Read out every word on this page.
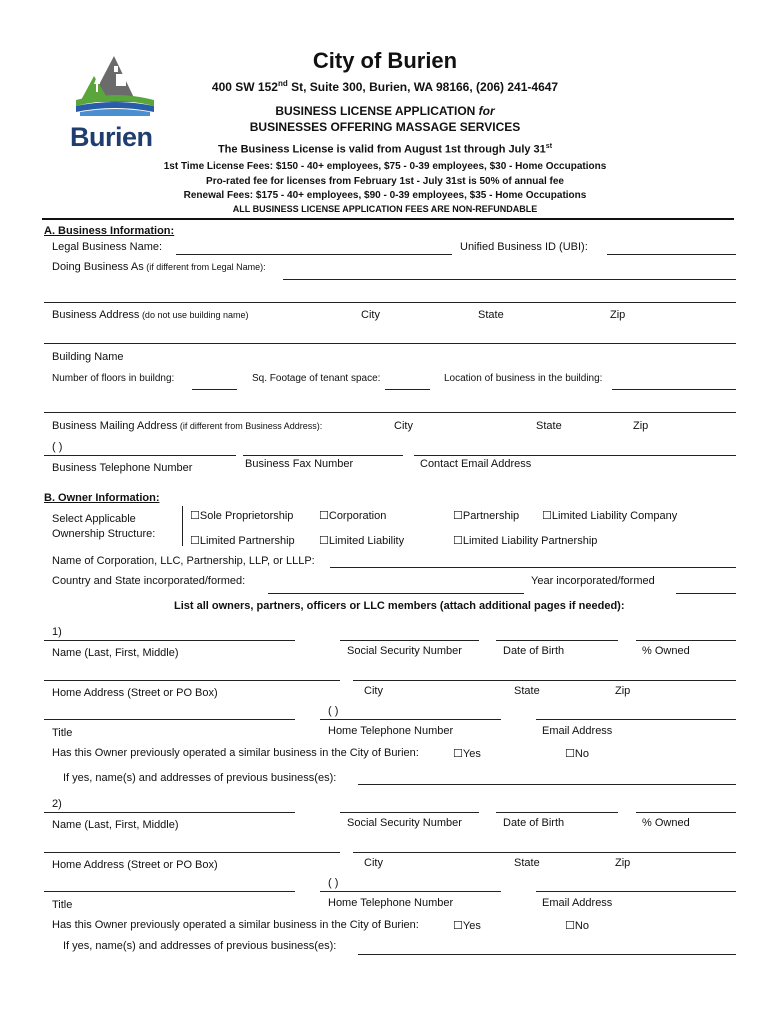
Burien
City of Burien
400 SW 152nd St, Suite 300, Burien, WA 98166, (206) 241-4647
BUSINESS LICENSE APPLICATION for
BUSINESSES OFFERING MASSAGE SERVICES
The Business License is valid from August 1st through July 31st
1st Time License Fees: $150 - 40+ employees, $75 - 0-39 employees, $30 - Home Occupations
Pro-rated fee for licenses from February 1st - July 31st is 50% of annual fee
Renewal Fees: $175 - 40+ employees, $90 - 0-39 employees, $35 - Home Occupations
ALL BUSINESS LICENSE APPLICATION FEES ARE NON-REFUNDABLE
A. Business Information:
Legal Business Name:	Unified Business ID (UBI):
Doing Business As (if different from Legal Name):
Business Address (do not use building name)	City	State	Zip
Building Name
Number of floors in buildng:	Sq. Footage of tenant space:	Location of business in the building:
Business Mailing Address (if different from Business Address):	City	State	Zip
( )
Business Telephone Number	Business Fax Number	Contact Email Address
B. Owner Information:
Select Applicable
Ownership Structure:
☐ Sole Proprietorship ☐	Corporation ☐	Partnership ☐	Limited Liability Company
☐ Limited Partnership ☐	Limited Liability ☐	Limited Liability Partnership
Name of Corporation, LLC, Partnership, LLP, or LLLP:
Country and State incorporated/formed:	Year incorporated/formed
List all owners, partners, officers or LLC members (attach additional pages if needed):
1)
Name (Last, First, Middle)	Social Security Number	Date of Birth	% Owned
Home Address (Street or PO Box)	City	State	Zip
( )
Title	Home Telephone Number	Email Address
Has this Owner previously operated a similar business in the City of Burien: ☐	Yes ☐	No
If yes, name(s) and addresses of previous business(es):
2)
Name (Last, First, Middle)	Social Security Number	Date of Birth	% Owned
Home Address (Street or PO Box)	City	State	Zip
( )
Title	Home Telephone Number	Email Address
Has this Owner previously operated a similar business in the City of Burien: ☐	Yes ☐	No
If yes, name(s) and addresses of previous business(es):
